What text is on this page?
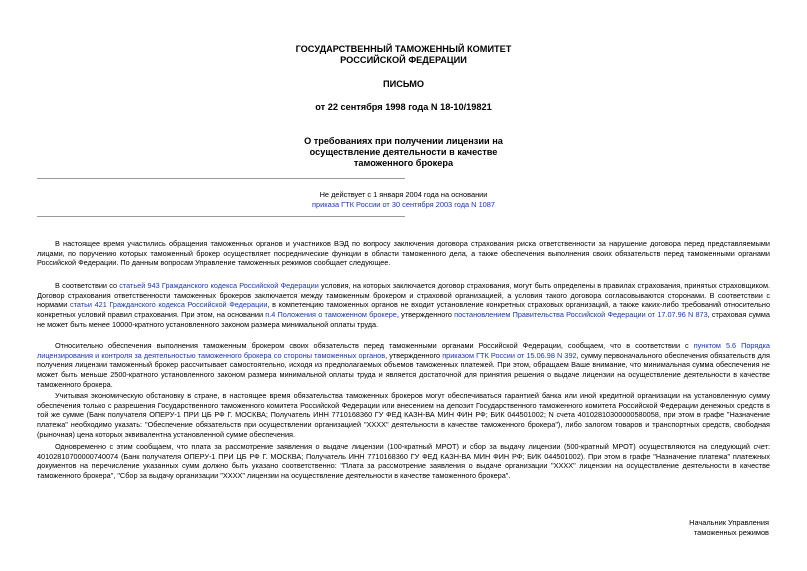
ГОСУДАРСТВЕННЫЙ ТАМОЖЕННЫЙ КОМИТЕТ
РОССИЙСКОЙ ФЕДЕРАЦИИ
ПИСЬМО
от 22 сентября 1998 года N 18-10/19821
О требованиях при получении лицензии на
осуществление деятельности в качестве
таможенного брокера
Не действует с 1 января 2004 года на основании
приказа ГТК России от 30 сентября 2003 года N 1087

В настоящее время участились обращения таможенных органов и участников ВЭД по вопросу заключения договора страхования риска ответственности за нарушение договора перед представляемыми лицами, по поручению которых таможенный брокер осуществляет посреднические функции в области таможенного дела, а также обеспечения выполнения своих обязательств перед таможенными органами Российской Федерации. По данным вопросам Управление таможенных режимов сообщает следующее.

В соответствии со статьей 943 Гражданского кодекса Российской Федерации условия, на которых заключается договор страхования, могут быть определены в правилах страхования, принятых страховщиком. Договор страхования ответственности таможенных брокеров заключается между таможенным брокером и страховой организацией, а условия такого договора согласовываются сторонами. В соответствии с нормами статьи 421 Гражданского кодекса Российской Федерации, в компетенцию таможенных органов не входит установление конкретных страховых организаций, а также каких-либо требований относительно конкретных условий правил страхования. При этом, на основании п.4 Положения о таможенном брокере, утвержденного постановлением Правительства Российской Федерации от 17.07.96 N 873, страховая сумма не может быть менее 10000-кратного установленного законом размера минимальной оплаты труда.

Относительно обеспечения выполнения таможенным брокером своих обязательств перед таможенными органами Российской Федерации, сообщаем, что в соответствии с пунктом 5.6 Порядка лицензирования и контроля за деятельностью таможенного брокера со стороны таможенных органов, утвержденного приказом ГТК России от 15.06.98 N 392, сумму первоначального обеспечения обязательств для получения лицензии таможенный брокер рассчитывает самостоятельно, исходя из предполагаемых объемов таможенных платежей. При этом, обращаем Ваше внимание, что минимальная сумма обеспечения не может быть меньше 2500-кратного установленного законом размера минимальной оплаты труда и является достаточной для принятия решения о выдаче лицензии на осуществление деятельности в качестве таможенного брокера.

Учитывая экономическую обстановку в стране, в настоящее время обязательства таможенных брокеров могут обеспечиваться гарантией банка или иной кредитной организации на установленную сумму обеспечения только с разрешения Государственного таможенного комитета Российской Федерации или внесением на депозит Государственного таможенного комитета Российской Федерации денежных средств в той же сумме (Банк получателя ОПЕРУ-1 ПРИ ЦБ РФ Г. МОСКВА; Получатель ИНН 7710168360 ГУ ФЕД КАЗН-ВА МИН ФИН РФ; БИК 044501002; N счета 40102810300000580058, при этом в графе "Назначение платежа" необходимо указать: "Обеспечение обязательств при осуществлении организацией "XXXX" деятельности в качестве таможенного брокера"), либо залогом товаров и транспортных средств, свободная (рыночная) цена которых эквивалентна установленной сумме обеспечения.

Одновременно с этим сообщаем, что плата за рассмотрение заявления о выдаче лицензии (100-кратный МРОТ) и сбор за выдачу лицензии (500-кратный МРОТ) осуществляются на следующий счет: 40102810700000740074 (Банк получателя ОПЕРУ-1 ПРИ ЦБ РФ Г. МОСКВА; Получатель ИНН 7710168360 ГУ ФЕД КАЗН-ВА МИН ФИН РФ; БИК 044501002). При этом в графе "Назначение платежа" платежных документов на перечисление указанных сумм должно быть указано соответственно: "Плата за рассмотрение заявления о выдаче организации "XXXX" лицензии на осуществление деятельности в качестве таможенного брокера", "Сбор за выдачу организации "XXXX" лицензии на осуществление деятельности в качестве таможенного брокера".

Начальник Управления
таможенных режимов
